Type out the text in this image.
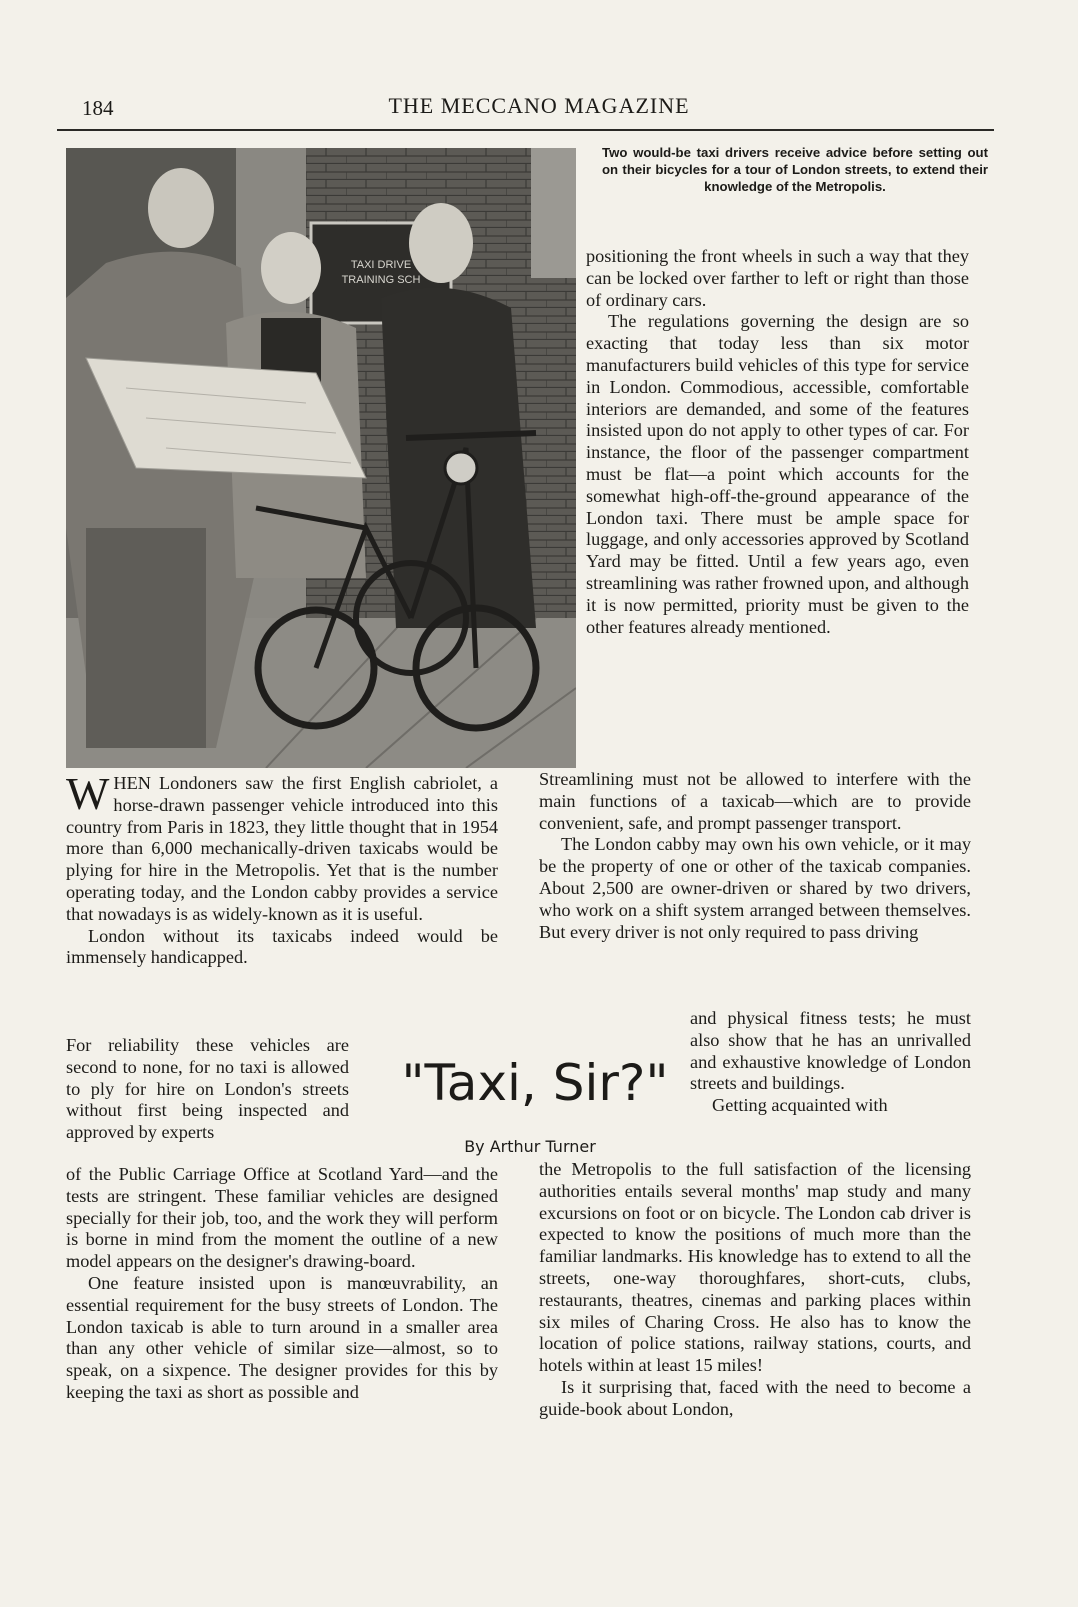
184	THE MECCANO MAGAZINE
TAXI DRIVE
TRAINING SCH
Two would-be taxi drivers receive advice before setting out on their bicycles for a tour of London streets, to extend their knowledge of the Metropolis.

positioning the front wheels in such a way that they can be locked over farther to left or right than those of ordinary cars.

The regulations governing the design are so exacting that today less than six motor manufacturers build vehicles of this type for service in London. Commodious, accessible, comfortable interiors are demanded, and some of the features insisted upon do not apply to other types of car. For instance, the floor of the passenger compartment must be flat—a point which accounts for the somewhat high-off-the-ground appearance of the London taxi. There must be ample space for luggage, and only accessories approved by Scotland Yard may be fitted. Until a few years ago, even streamlining was rather frowned upon, and although it is now permitted, priority must be given to the other features already mentioned.

Streamlining must not be allowed to interfere with the main functions of a taxicab—which are to provide convenient, safe, and prompt passenger transport.

The London cabby may own his own vehicle, or it may be the property of one or other of the taxicab companies. About 2,500 are owner-driven or shared by two drivers, who work on a shift system arranged between themselves. But every driver is not only required to pass driving

and physical fitness tests; he must also show that he has an unrivalled and exhaustive knowledge of London streets and buildings.

Getting acquainted with

the Metropolis to the full satisfaction of the licensing authorities entails several months' map study and many excursions on foot or on bicycle. The London cab driver is expected to know the positions of much more than the familiar landmarks. His knowledge has to extend to all the streets, one-way thoroughfares, short-cuts, clubs, restaurants, theatres, cinemas and parking places within six miles of Charing Cross. He also has to know the location of police stations, railway stations, courts, and hotels within at least 15 miles!

Is it surprising that, faced with the need to become a guide-book about London,

WHEN Londoners saw the first English cabriolet, a horse-drawn passenger vehicle introduced into this country from Paris in 1823, they little thought that in 1954 more than 6,000 mechanically-driven taxicabs would be plying for hire in the Metropolis. Yet that is the number operating today, and the London cabby provides a service that nowadays is as widely-known as it is useful.

London without its taxicabs indeed would be immensely handicapped.

For reliability these vehicles are second to none, for no taxi is allowed to ply for hire on London's streets without first being inspected and approved by experts

of the Public Carriage Office at Scotland Yard—and the tests are stringent. These familiar vehicles are designed specially for their job, too, and the work they will perform is borne in mind from the moment the outline of a new model appears on the designer's drawing-board.

One feature insisted upon is manœuvrability, an essential requirement for the busy streets of London. The London taxicab is able to turn around in a smaller area than any other vehicle of similar size—almost, so to speak, on a sixpence. The designer provides for this by keeping the taxi as short as possible and

"Taxi, Sir?"
By Arthur Turner
